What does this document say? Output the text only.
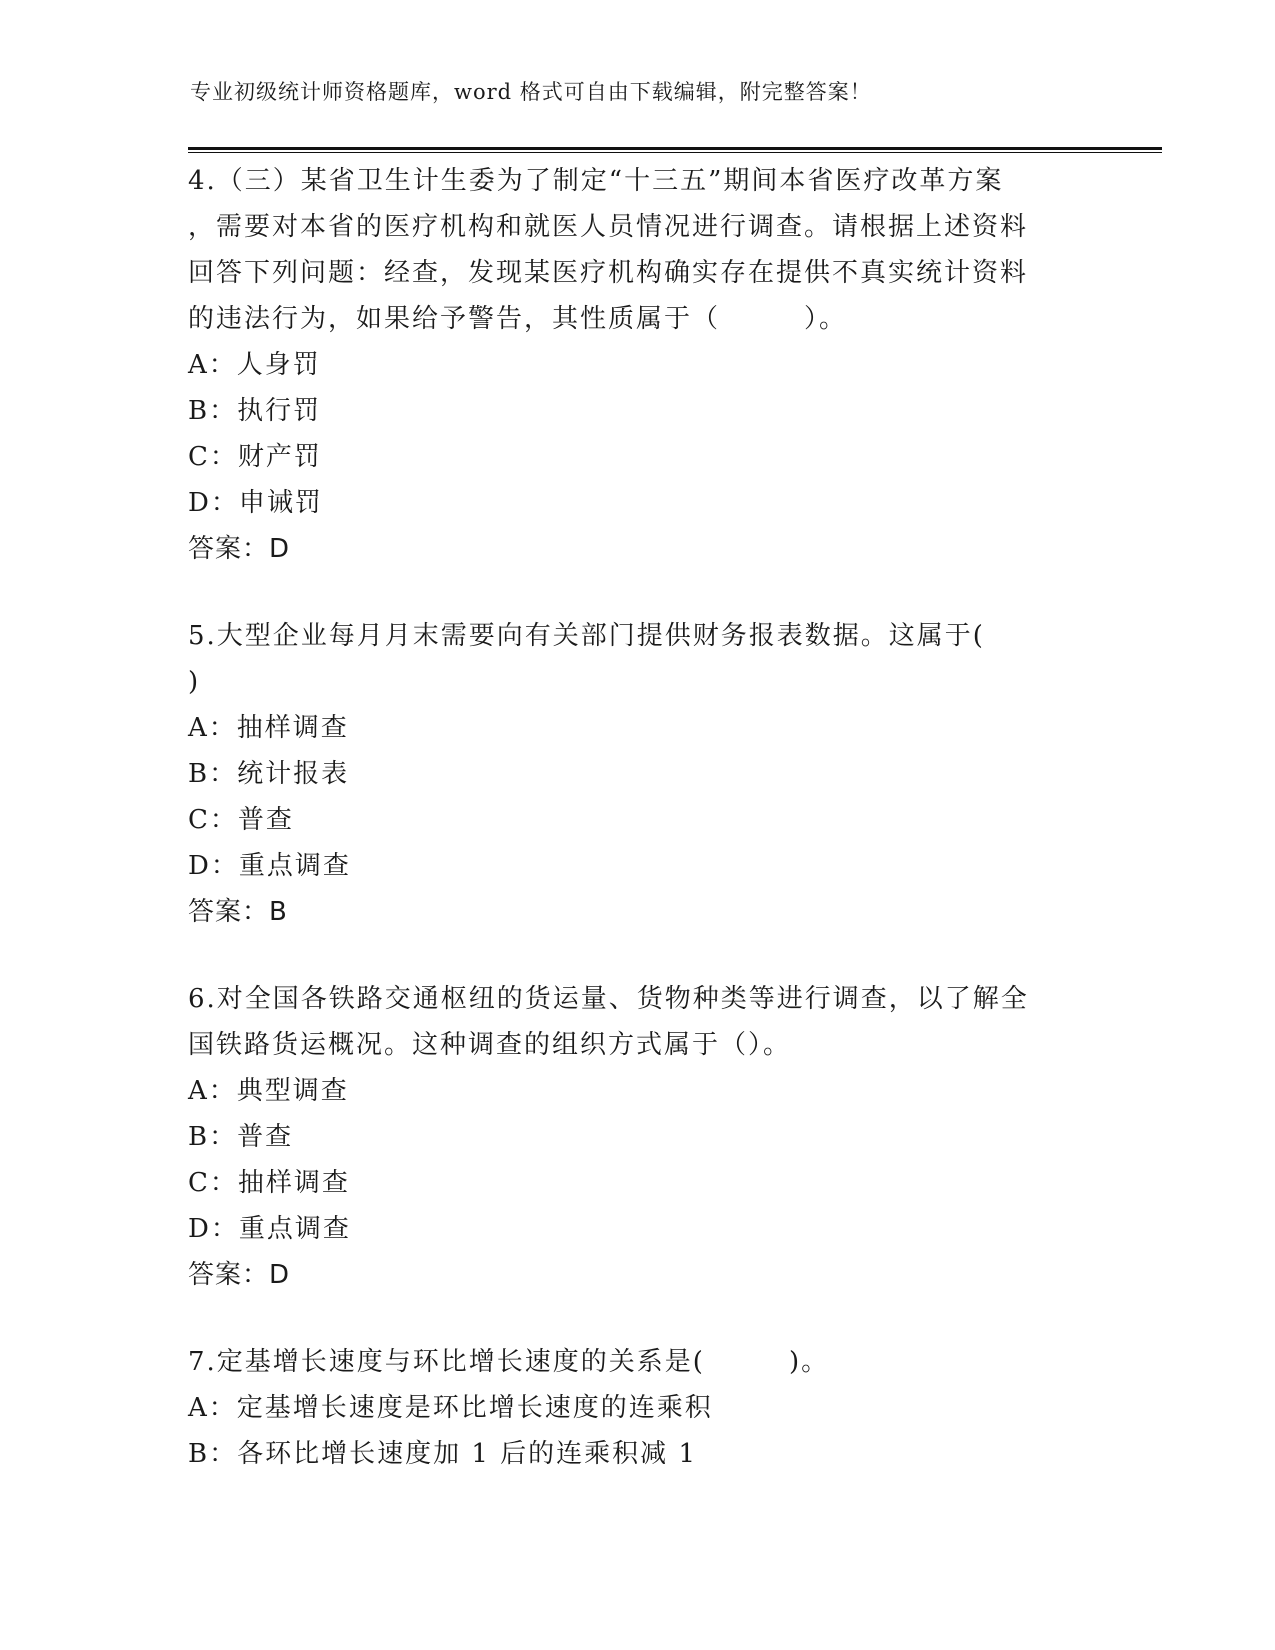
专业初级统计师资格题库，word 格式可自由下载编辑，附完整答案！
4.（三）某省卫生计生委为了制定“十三五”期间本省医疗改革方案
，需要对本省的医疗机构和就医人员情况进行调查。请根据上述资料
回答下列问题：经查，发现某医疗机构确实存在提供不真实统计资料
的违法行为，如果给予警告，其性质属于（　　　）。
A：人身罚
B：执行罚
C：财产罚
D：申诫罚
答案：D
5.大型企业每月月末需要向有关部门提供财务报表数据。这属于(
)
A：抽样调查
B：统计报表
C：普查
D：重点调查
答案：B
6.对全国各铁路交通枢纽的货运量、货物种类等进行调查，以了解全
国铁路货运概况。这种调查的组织方式属于（）。
A：典型调查
B：普查
C：抽样调查
D：重点调查
答案：D
7.定基增长速度与环比增长速度的关系是(　　　)。
A：定基增长速度是环比增长速度的连乘积
B：各环比增长速度加 1 后的连乘积减 1
